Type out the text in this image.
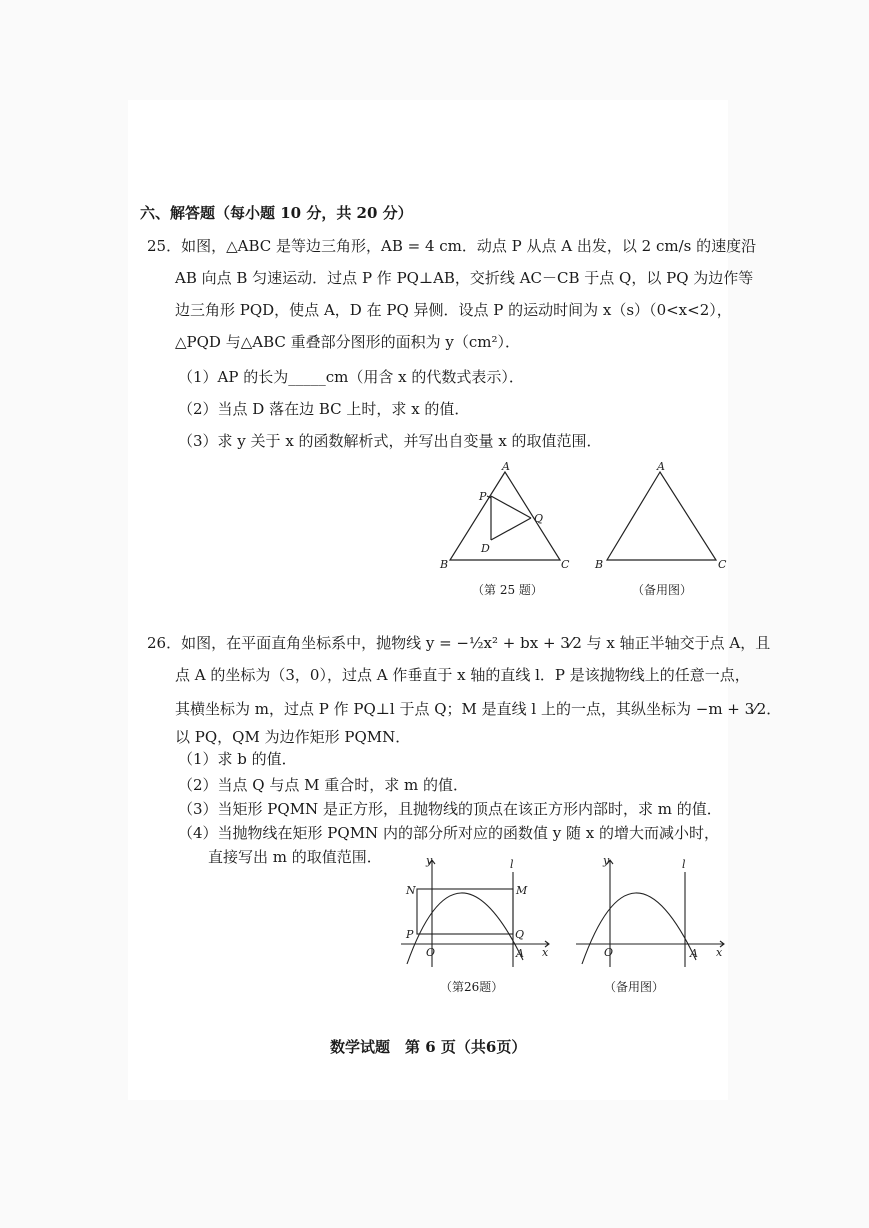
六、解答题（每小题 10 分，共 20 分）
25．如图，△ABC 是等边三角形，AB = 4 cm．动点 P 从点 A 出发，以 2 cm/s 的速度沿
AB 向点 B 匀速运动．过点 P 作 PQ⊥AB，交折线 AC－CB 于点 Q，以 PQ 为边作等
边三角形 PQD，使点 A，D 在 PQ 异侧．设点 P 的运动时间为 x（s）（0<x<2），
△PQD 与△ABC 重叠部分图形的面积为 y（cm²）．
（1）AP 的长为_____cm（用含 x 的代数式表示）．
（2）当点 D 落在边 BC 上时，求 x 的值．
（3）求 y 关于 x 的函数解析式，并写出自变量 x 的取值范围．
A
B	C
P
Q
D
（第 25 题）
A
B	C
（备用图）
26．如图，在平面直角坐标系中，抛物线 y = −½x² + bx + 3⁄2 与 x 轴正半轴交于点 A，且
点 A 的坐标为（3，0），过点 A 作垂直于 x 轴的直线 l．P 是该抛物线上的任意一点，
其横坐标为 m，过点 P 作 PQ⊥l 于点 Q；M 是直线 l 上的一点，其纵坐标为 −m + 3⁄2．
以 PQ，QM 为边作矩形 PQMN．
（1）求 b 的值．
（2）当点 Q 与点 M 重合时，求 m 的值．
（3）当矩形 PQMN 是正方形，且抛物线的顶点在该正方形内部时，求 m 的值．
（4）当抛物线在矩形 PQMN 内的部分所对应的函数值 y 随 x 的增大而减小时，
直接写出 m 的取值范围．	y
x
l
N	M
P	Q
O	A
（第26题）
y
x
l
O	A
（备用图）
数学试题　第 6 页（共6页）
